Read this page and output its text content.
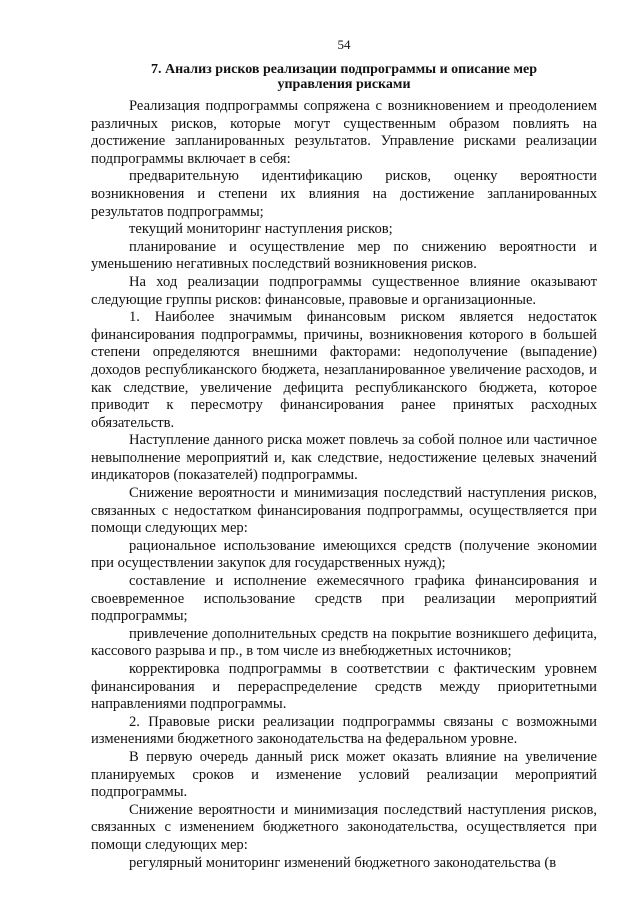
54
7. Анализ рисков реализации подпрограммы и описание мер
управления рисками

Реализация подпрограммы сопряжена с возникновением и преодолением различных рисков, которые могут существенным образом повлиять на достижение запланированных результатов. Управление рисками реализации подпрограммы включает в себя:

предварительную идентификацию рисков, оценку вероятности возникновения и степени их влияния на достижение запланированных результатов подпрограммы;

текущий мониторинг наступления рисков;

планирование и осуществление мер по снижению вероятности и уменьшению негативных последствий возникновения рисков.

На ход реализации подпрограммы существенное влияние оказывают следующие группы рисков: финансовые, правовые и организационные.

1. Наиболее значимым финансовым риском является недостаток финансирования подпрограммы, причины, возникновения которого в большей степени определяются внешними факторами: недополучение (выпадение) доходов республиканского бюджета, незапланированное увеличение расходов, и как следствие, увеличение дефицита республиканского бюджета, которое приводит к пересмотру финансирования ранее принятых расходных обязательств.

Наступление данного риска может повлечь за собой полное или частичное невыполнение мероприятий и, как следствие, недостижение целевых значений индикаторов (показателей) подпрограммы.

Снижение вероятности и минимизация последствий наступления рисков, связанных с недостатком финансирования подпрограммы, осуществляется при помощи следующих мер:

рациональное использование имеющихся средств (получение экономии при осуществлении закупок для государственных нужд);

составление и исполнение ежемесячного графика финансирования и своевременное использование средств при реализации мероприятий подпрограммы;

привлечение дополнительных средств на покрытие возникшего дефицита, кассового разрыва и пр., в том числе из внебюджетных источников;

корректировка подпрограммы в соответствии с фактическим уровнем финансирования и перераспределение средств между приоритетными направлениями подпрограммы.

2. Правовые риски реализации подпрограммы связаны с возможными изменениями бюджетного законодательства на федеральном уровне.

В первую очередь данный риск может оказать влияние на увеличение планируемых сроков и изменение условий реализации мероприятий подпрограммы.

Снижение вероятности и минимизация последствий наступления рисков, связанных с изменением бюджетного законодательства, осуществляется при помощи следующих мер:

регулярный мониторинг изменений бюджетного законодательства (в
